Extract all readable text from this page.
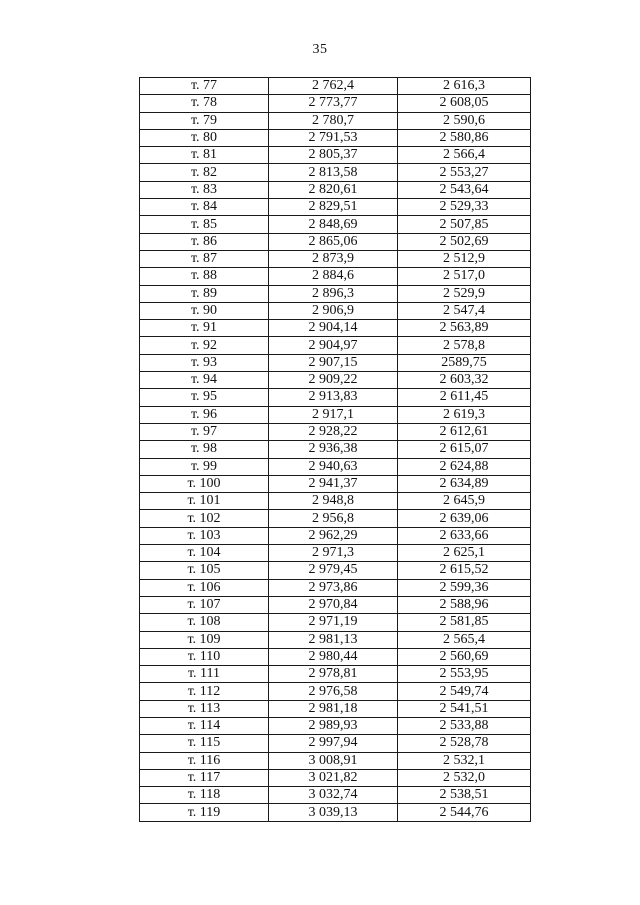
35
т. 77	2 762,4	2 616,3
т. 78	2 773,77	2 608,05
т. 79	2 780,7	2 590,6
т. 80	2 791,53	2 580,86
т. 81	2 805,37	2 566,4
т. 82	2 813,58	2 553,27
т. 83	2 820,61	2 543,64
т. 84	2 829,51	2 529,33
т. 85	2 848,69	2 507,85
т. 86	2 865,06	2 502,69
т. 87	2 873,9	2 512,9
т. 88	2 884,6	2 517,0
т. 89	2 896,3	2 529,9
т. 90	2 906,9	2 547,4
т. 91	2 904,14	2 563,89
т. 92	2 904,97	2 578,8
т. 93	2 907,15	2589,75
т. 94	2 909,22	2 603,32
т. 95	2 913,83	2 611,45
т. 96	2 917,1	2 619,3
т. 97	2 928,22	2 612,61
т. 98	2 936,38	2 615,07
т. 99	2 940,63	2 624,88
т. 100	2 941,37	2 634,89
т. 101	2 948,8	2 645,9
т. 102	2 956,8	2 639,06
т. 103	2 962,29	2 633,66
т. 104	2 971,3	2 625,1
т. 105	2 979,45	2 615,52
т. 106	2 973,86	2 599,36
т. 107	2 970,84	2 588,96
т. 108	2 971,19	2 581,85
т. 109	2 981,13	2 565,4
т. 110	2 980,44	2 560,69
т. 111	2 978,81	2 553,95
т. 112	2 976,58	2 549,74
т. 113	2 981,18	2 541,51
т. 114	2 989,93	2 533,88
т. 115	2 997,94	2 528,78
т. 116	3 008,91	2 532,1
т. 117	3 021,82	2 532,0
т. 118	3 032,74	2 538,51
т. 119	3 039,13	2 544,76
